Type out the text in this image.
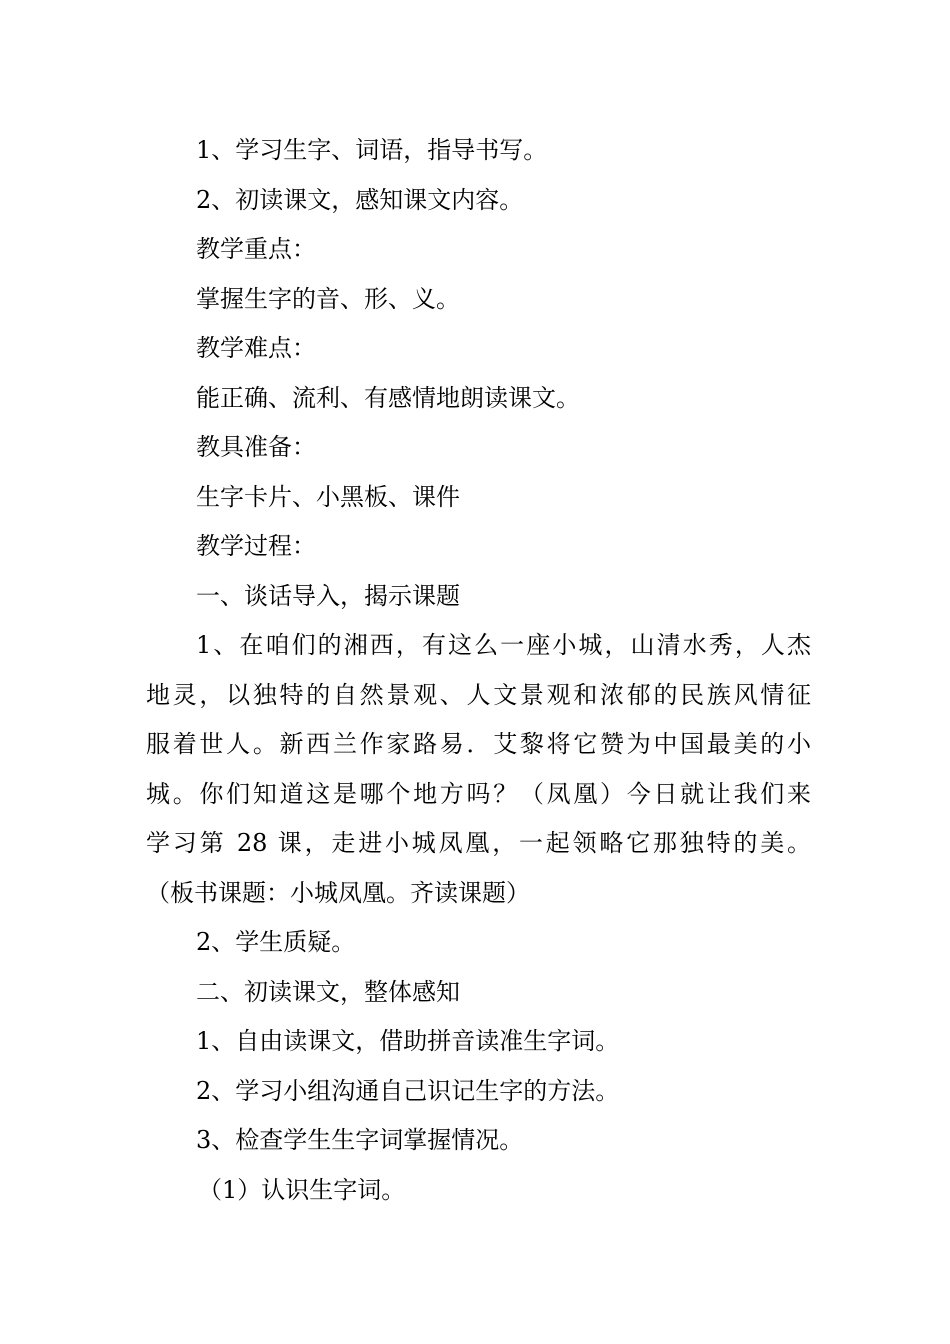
1、学习生字、词语，指导书写。

2、初读课文，感知课文内容。

教学重点：

掌握生字的音、形、义。

教学难点：

能正确、流利、有感情地朗读课文。

教具准备：

生字卡片、小黑板、课件

教学过程：

一、谈话导入，揭示课题

1、在咱们的湘西，有这么一座小城，山清水秀，人杰

地灵，以独特的自然景观、人文景观和浓郁的民族风情征

服着世人。新西兰作家路易．艾黎将它赞为中国最美的小

城。你们知道这是哪个地方吗？（凤凰）今日就让我们来

学习第 28 课，走进小城凤凰，一起领略它那独特的美。

（板书课题：小城凤凰。齐读课题）

2、学生质疑。

二、初读课文，整体感知

1、自由读课文，借助拼音读准生字词。

2、学习小组沟通自己识记生字的方法。

3、检查学生生字词掌握情况。

（1）认识生字词。
